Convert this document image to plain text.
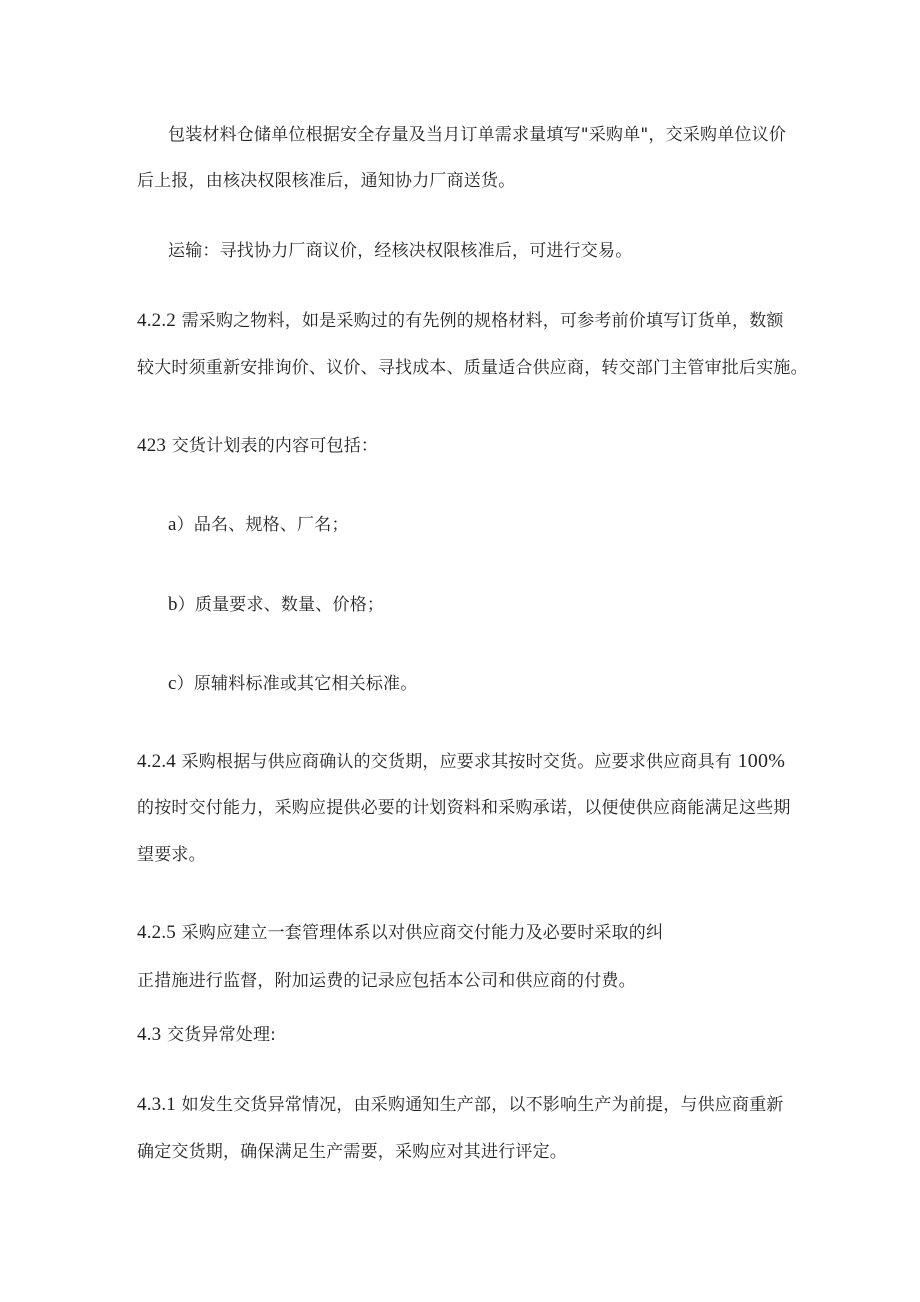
包装材料仓储单位根据安全存量及当月订单需求量填写"采购单"，交采购单位议价
后上报，由核决权限核准后，通知协力厂商送货。
运输：寻找协力厂商议价，经核决权限核准后，可进行交易。
4.2.2 需采购之物料，如是采购过的有先例的规格材料，可参考前价填写订货单，数额
较大时须重新安排询价、议价、寻找成本、质量适合供应商，转交部门主管审批后实施。
423 交货计划表的内容可包括：
a）品名、规格、厂名；
b）质量要求、数量、价格；
c）原辅料标准或其它相关标准。
4.2.4 采购根据与供应商确认的交货期，应要求其按时交货。应要求供应商具有 100%
的按时交付能力，采购应提供必要的计划资料和采购承诺，以便使供应商能满足这些期
望要求。
4.2.5 采购应建立一套管理体系以对供应商交付能力及必要时采取的纠
正措施进行监督，附加运费的记录应包括本公司和供应商的付费。
4.3 交货异常处理:
4.3.1 如发生交货异常情况，由采购通知生产部，以不影响生产为前提，与供应商重新
确定交货期，确保满足生产需要，采购应对其进行评定。
